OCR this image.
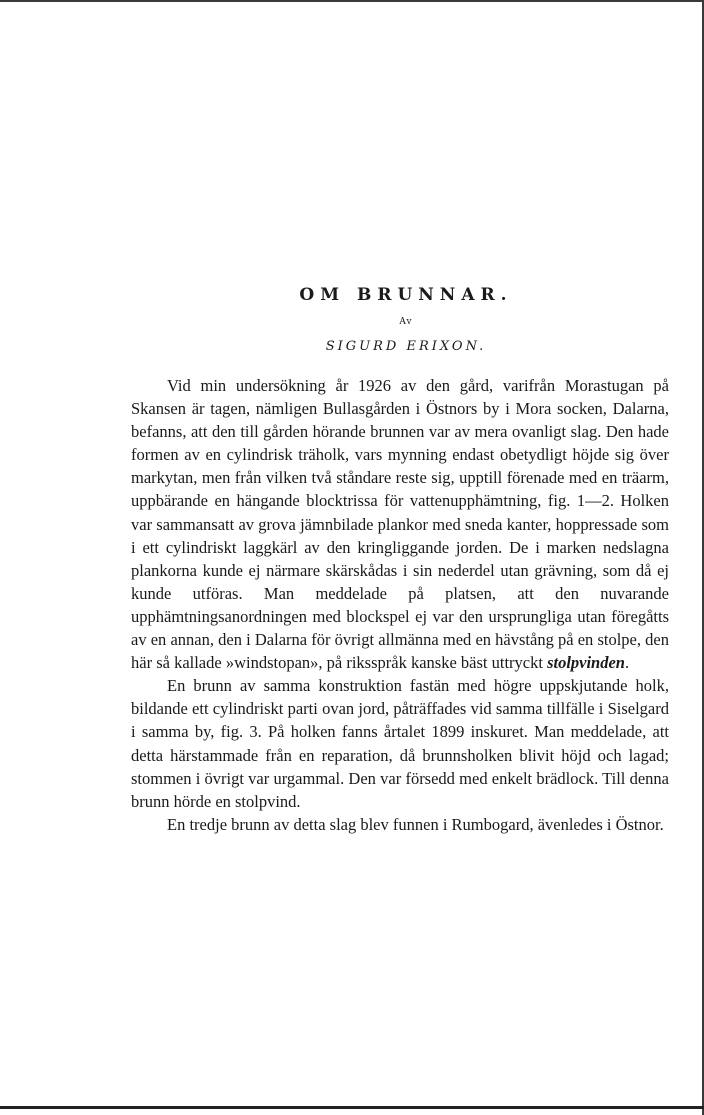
OM BRUNNAR.

Av

SIGURD ERIXON.

Vid min undersökning år 1926 av den gård, varifrån Morastugan på Skansen är tagen, nämligen Bullasgården i Östnors by i Mora socken, Dalarna, befanns, att den till gården hörande brunnen var av mera ovanligt slag. Den hade formen av en cylindrisk träholk, vars mynning endast obetydligt höjde sig över markytan, men från vilken två ståndare reste sig, upptill förenade med en träarm, uppbärande en hängande blocktrissa för vattenupphämtning, fig. 1—2. Holken var sammansatt av grova jämnbilade plankor med sneda kanter, hoppressade som i ett cylindriskt laggkärl av den kringliggande jorden. De i marken nedslagna plankorna kunde ej närmare skärskådas i sin nederdel utan grävning, som då ej kunde utföras. Man meddelade på platsen, att den nuvarande upphämtningsanordningen med blockspel ej var den ursprungliga utan föregåtts av en annan, den i Dalarna för övrigt allmänna med en hävstång på en stolpe, den här så kallade »windstopan», på riksspråk kanske bäst uttryckt stolpvinden.

En brunn av samma konstruktion fastän med högre uppskjutande holk, bildande ett cylindriskt parti ovan jord, påträffades vid samma tillfälle i Siselgard i samma by, fig. 3. På holken fanns årtalet 1899 inskuret. Man meddelade, att detta härstammade från en reparation, då brunnsholken blivit höjd och lagad; stommen i övrigt var urgammal. Den var försedd med enkelt brädlock. Till denna brunn hörde en stolpvind.

En tredje brunn av detta slag blev funnen i Rumbogard, ävenledes i Östnor.
